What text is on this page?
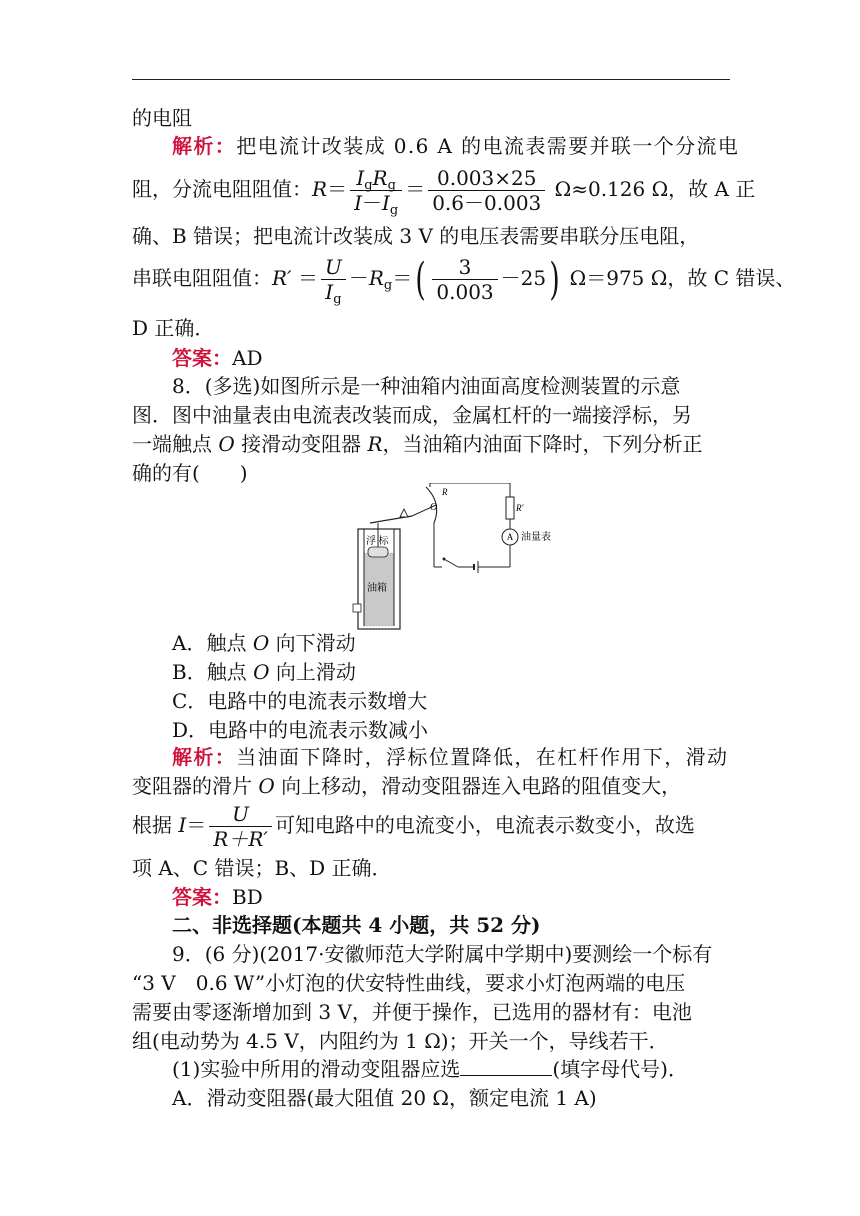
的电阻
解析：把电流计改装成 0.6 A 的电流表需要并联一个分流电
阻，分流电阻阻值：$R= \frac{I_gR_g}{I-I_g} = \frac{0.003\times 25}{0.6-0.003} \Omega\approx 0.126$ Ω，故 A 正
确、B 错误；把电流计改装成 3 V 的电压表需要串联分压电阻，
串联电阻阻值：$R' = \frac{U}{I_g} -R_g=( \frac{3}{0.003} -25)$ Ω＝975 Ω，故 C 错误、
D 正确．
答案：AD
8．(多选)如图所示是一种油箱内油面高度检测装置的示意
图．图中油量表由电流表改装而成，金属杠杆的一端接浮标，另
一端触点 O 接滑动变阻器 R，当油箱内油面下降时，下列分析正
确的有(　　)
R
O	R′
A 油量表
浮 标
油箱
A．触点 O 向下滑动
B．触点 O 向上滑动
C．电路中的电流表示数增大
D．电路中的电流表示数减小
解析：当油面下降时，浮标位置降低，在杠杆作用下，滑动
变阻器的滑片 O 向上移动，滑动变阻器连入电路的阻值变大，
根据 $I= \frac{U}{R+R'}$ 可知电路中的电流变小，电流表示数变小，故选
项 A、C 错误；B、D 正确．
答案：BD
二、非选择题(本题共 4 小题，共 52 分)
9．(6 分)(2017·安徽师范大学附属中学期中)要测绘一个标有
“3 V　0.6 W”小灯泡的伏安特性曲线，要求小灯泡两端的电压
需要由零逐渐增加到 3 V，并便于操作，已选用的器材有：电池
组(电动势为 4.5 V，内阻约为 1 Ω)；开关一个，导线若干．
(1)实验中所用的滑动变阻器应选	(填字母代号)．
A．滑动变阻器(最大阻值 20 Ω，额定电流 1 A)
